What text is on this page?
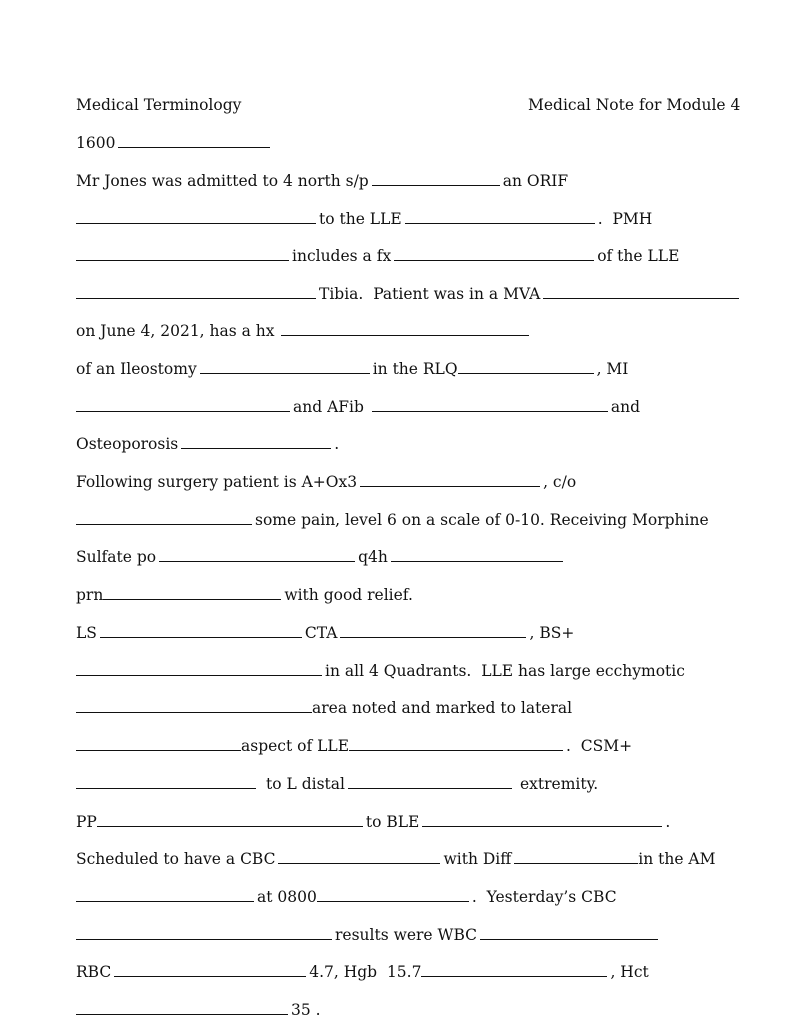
Medical Terminology	Medical Note for Module 4
1600
Mr Jones was admitted to 4 north s/p	an ORIF
to the LLE	.  PMH
includes a fx	of the LLE
Tibia.  Patient was in a MVA
on June 4, 2021, has a hx
of an Ileostomy	in the RLQ	, MI
and AFib	and
Osteoporosis	.
Following surgery patient is A+Ox3	, c/o
some pain, level 6 on a scale of 0-10. Receiving Morphine
Sulfate po	q4h
prn	with good relief.
LS	CTA	, BS+
in all 4 Quadrants.  LLE has large ecchymotic
area noted and marked to lateral
aspect of LLE	.  CSM+
to L distal	extremity.
PP	to BLE	.
Scheduled to have a CBC	with Diff	in the AM
at 0800	.  Yesterday’s CBC
results were WBC
RBC	4.7, Hgb  15.7	, Hct
35 .
